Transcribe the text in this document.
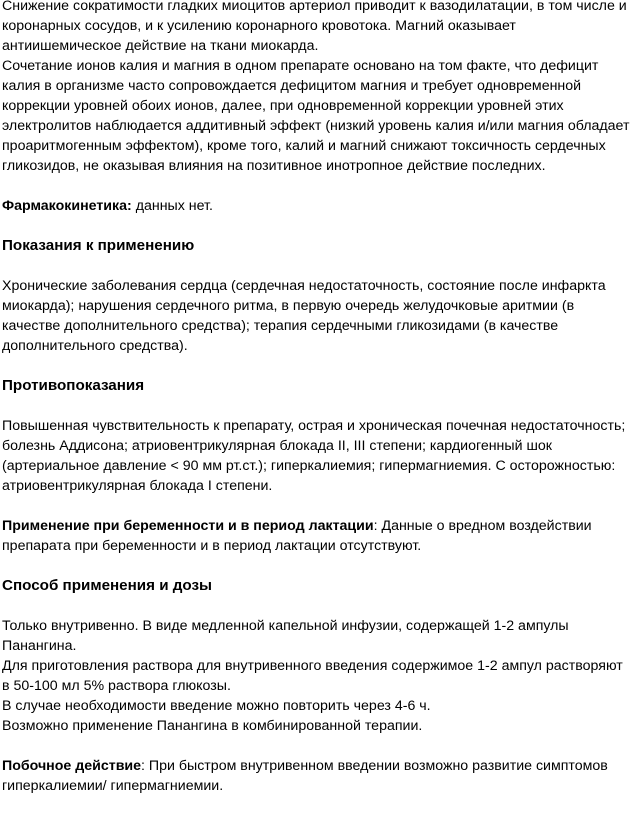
Снижение сократимости гладких миоцитов артериол приводит к вазодилатации, в том числе и коронарных сосудов, и к усилению коронарного кровотока. Магний оказывает антиишемическое действие на ткани миокарда.

Сочетание ионов калия и магния в одном препарате основано на том факте, что дефицит калия в организме часто сопровождается дефицитом магния и требует одновременной коррекции уровней обоих ионов, далее, при одновременной коррекции уровней этих электролитов наблюдается аддитивный эффект (низкий уровень калия и/или магния обладает проаритмогенным эффектом), кроме того, калий и магний снижают токсичность сердечных гликозидов, не оказывая влияния на позитивное инотропное действие последних.

Фармакокинетика: данных нет.

Показания к применению

Хронические заболевания сердца (сердечная недостаточность, состояние после инфаркта миокарда); нарушения сердечного ритма, в первую очередь желудочковые аритмии (в качестве дополнительного средства); терапия сердечными гликозидами (в качестве дополнительного средства).

Противопоказания

Повышенная чувствительность к препарату, острая и хроническая почечная недостаточность; болезнь Аддисона; атриовентрикулярная блокада II, III степени; кардиогенный шок (артериальное давление < 90 мм рт.ст.); гиперкалиемия; гипермагниемия. С осторожностью: атриовентрикулярная блокада I степени.

Применение при беременности и в период лактации: Данные о вредном воздействии препарата при беременности и в период лактации отсутствуют.

Способ применения и дозы

Только внутривенно. В виде медленной капельной инфузии, содержащей 1-2 ампулы Панангина.

Для приготовления раствора для внутривенного введения содержимое 1-2 ампул растворяют в 50-100 мл 5% раствора глюкозы.

В случае необходимости введение можно повторить через 4-6 ч.

Возможно применение Панангина в комбинированной терапии.

Побочное действие: При быстром внутривенном введении возможно развитие симптомов гиперкалиемии/ гипермагниемии.
